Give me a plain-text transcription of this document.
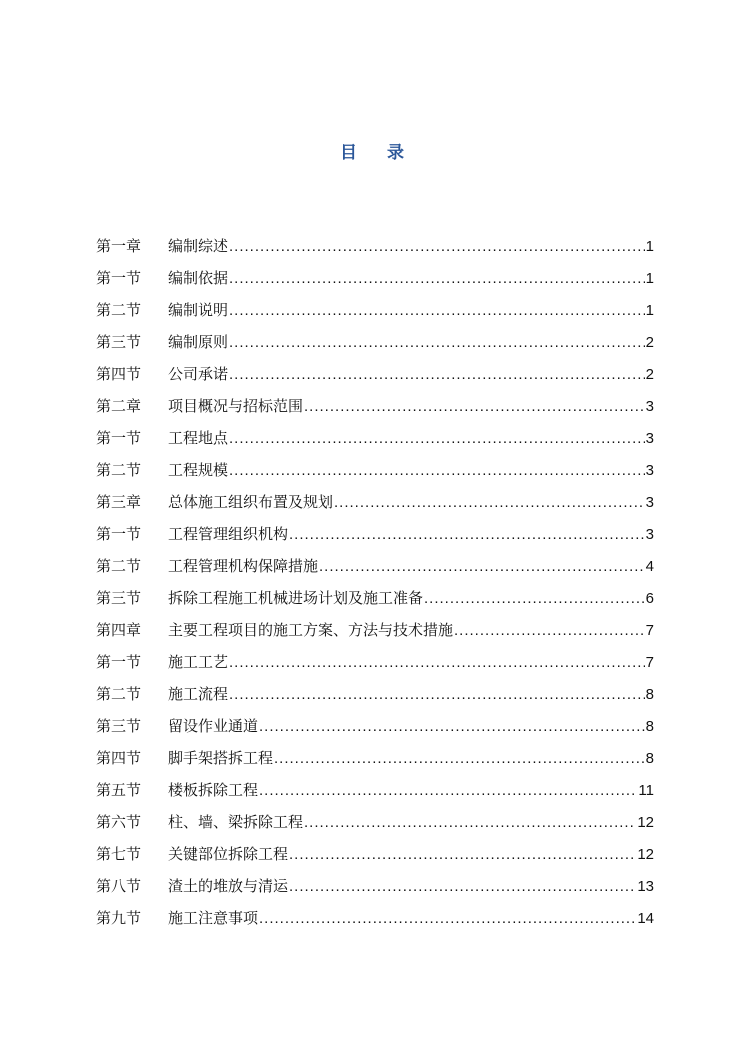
目 录
第一章	编制综述 .....	1
第一节	编制依据 .....	1
第二节	编制说明 .....	1
第三节	编制原则 .....	2
第四节	公司承诺 .....	2
第二章	项目概况与招标范围 .....	3
第一节	工程地点 .....	3
第二节	工程规模 .....	3
第三章	总体施工组织布置及规划 .....	3
第一节	工程管理组织机构 .....	3
第二节	工程管理机构保障措施 .....	4
第三节	拆除工程施工机械进场计划及施工准备 .....	6
第四章	主要工程项目的施工方案、方法与技术措施 .....	7
第一节	施工工艺 .....	7
第二节	施工流程 .....	8
第三节	留设作业通道 .....	8
第四节	脚手架搭拆工程 .....	8
第五节	楼板拆除工程 .....	11
第六节	柱、墙、梁拆除工程 .....	12
第七节	关键部位拆除工程 .....	12
第八节	渣土的堆放与清运 .....	13
第九节	施工注意事项 .....	14
